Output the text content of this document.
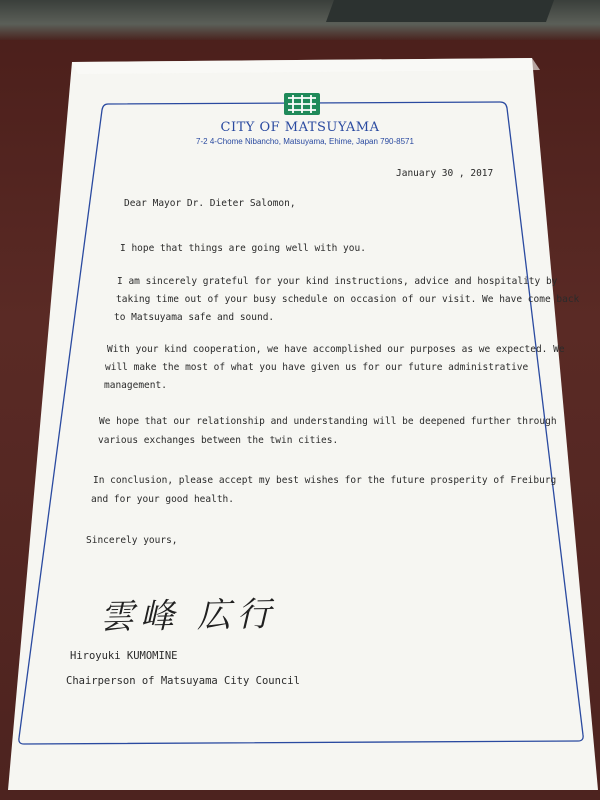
CITY OF MATSUYAMA
7-2 4-Chome Nibancho, Matsuyama, Ehime, Japan 790-8571
January 30 , 2017
Dear Mayor Dr. Dieter Salomon,
I hope that things are going well with you.
I am sincerely grateful for your kind instructions, advice and hospitality by
taking time out of your busy schedule on occasion of our visit. We have come back
to Matsuyama safe and sound.
With your kind cooperation, we have accomplished our purposes as we expected. We
will make the most of what you have given us for our future administrative
management.
We hope that our relationship and understanding will be deepened further through
various exchanges between the twin cities.
In conclusion, please accept my best wishes for the future prosperity of Freiburg
and for your good health.
Sincerely yours,
雲峰 広行
Hiroyuki KUMOMINE
Chairperson of Matsuyama City Council
